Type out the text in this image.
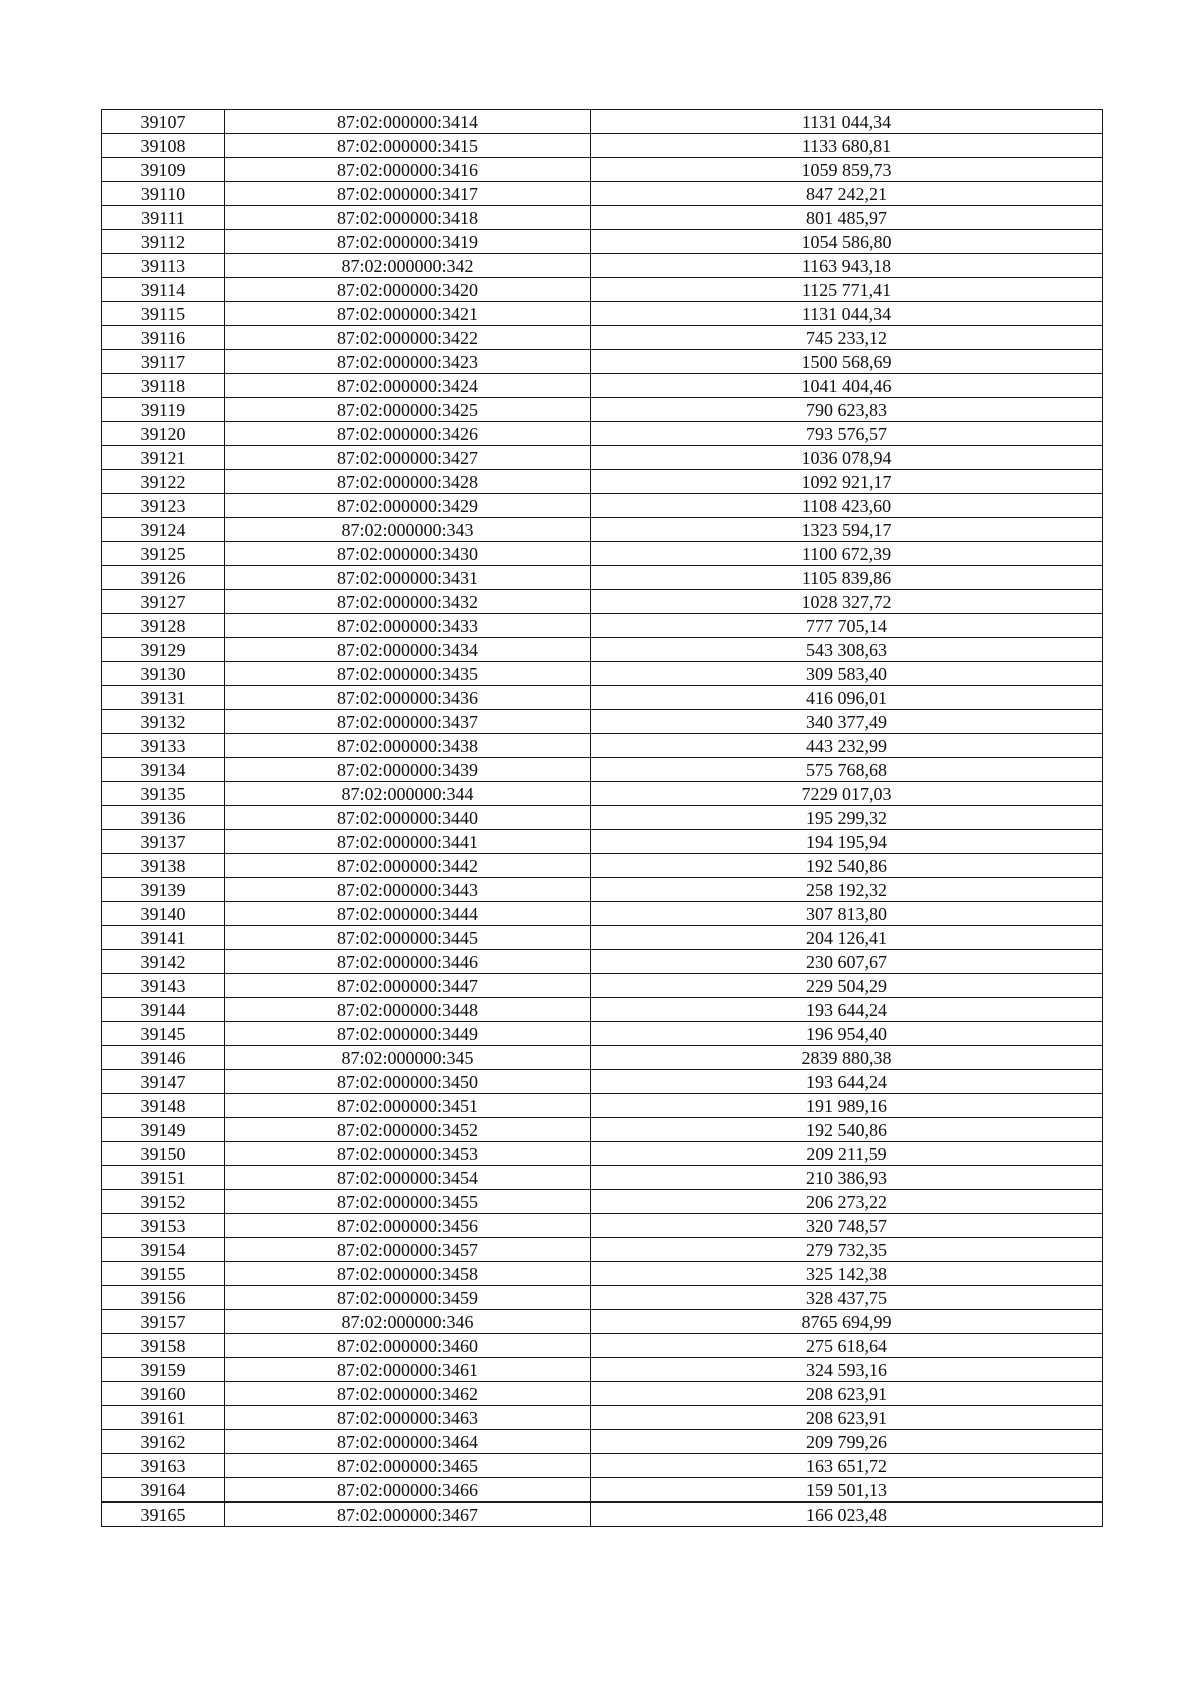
39107	87:02:000000:3414	1131 044,34
39108	87:02:000000:3415	1133 680,81
39109	87:02:000000:3416	1059 859,73
39110	87:02:000000:3417	847 242,21
39111	87:02:000000:3418	801 485,97
39112	87:02:000000:3419	1054 586,80
39113	87:02:000000:342	1163 943,18
39114	87:02:000000:3420	1125 771,41
39115	87:02:000000:3421	1131 044,34
39116	87:02:000000:3422	745 233,12
39117	87:02:000000:3423	1500 568,69
39118	87:02:000000:3424	1041 404,46
39119	87:02:000000:3425	790 623,83
39120	87:02:000000:3426	793 576,57
39121	87:02:000000:3427	1036 078,94
39122	87:02:000000:3428	1092 921,17
39123	87:02:000000:3429	1108 423,60
39124	87:02:000000:343	1323 594,17
39125	87:02:000000:3430	1100 672,39
39126	87:02:000000:3431	1105 839,86
39127	87:02:000000:3432	1028 327,72
39128	87:02:000000:3433	777 705,14
39129	87:02:000000:3434	543 308,63
39130	87:02:000000:3435	309 583,40
39131	87:02:000000:3436	416 096,01
39132	87:02:000000:3437	340 377,49
39133	87:02:000000:3438	443 232,99
39134	87:02:000000:3439	575 768,68
39135	87:02:000000:344	7229 017,03
39136	87:02:000000:3440	195 299,32
39137	87:02:000000:3441	194 195,94
39138	87:02:000000:3442	192 540,86
39139	87:02:000000:3443	258 192,32
39140	87:02:000000:3444	307 813,80
39141	87:02:000000:3445	204 126,41
39142	87:02:000000:3446	230 607,67
39143	87:02:000000:3447	229 504,29
39144	87:02:000000:3448	193 644,24
39145	87:02:000000:3449	196 954,40
39146	87:02:000000:345	2839 880,38
39147	87:02:000000:3450	193 644,24
39148	87:02:000000:3451	191 989,16
39149	87:02:000000:3452	192 540,86
39150	87:02:000000:3453	209 211,59
39151	87:02:000000:3454	210 386,93
39152	87:02:000000:3455	206 273,22
39153	87:02:000000:3456	320 748,57
39154	87:02:000000:3457	279 732,35
39155	87:02:000000:3458	325 142,38
39156	87:02:000000:3459	328 437,75
39157	87:02:000000:346	8765 694,99
39158	87:02:000000:3460	275 618,64
39159	87:02:000000:3461	324 593,16
39160	87:02:000000:3462	208 623,91
39161	87:02:000000:3463	208 623,91
39162	87:02:000000:3464	209 799,26
39163	87:02:000000:3465	163 651,72
39164	87:02:000000:3466	159 501,13
39165	87:02:000000:3467	166 023,48
